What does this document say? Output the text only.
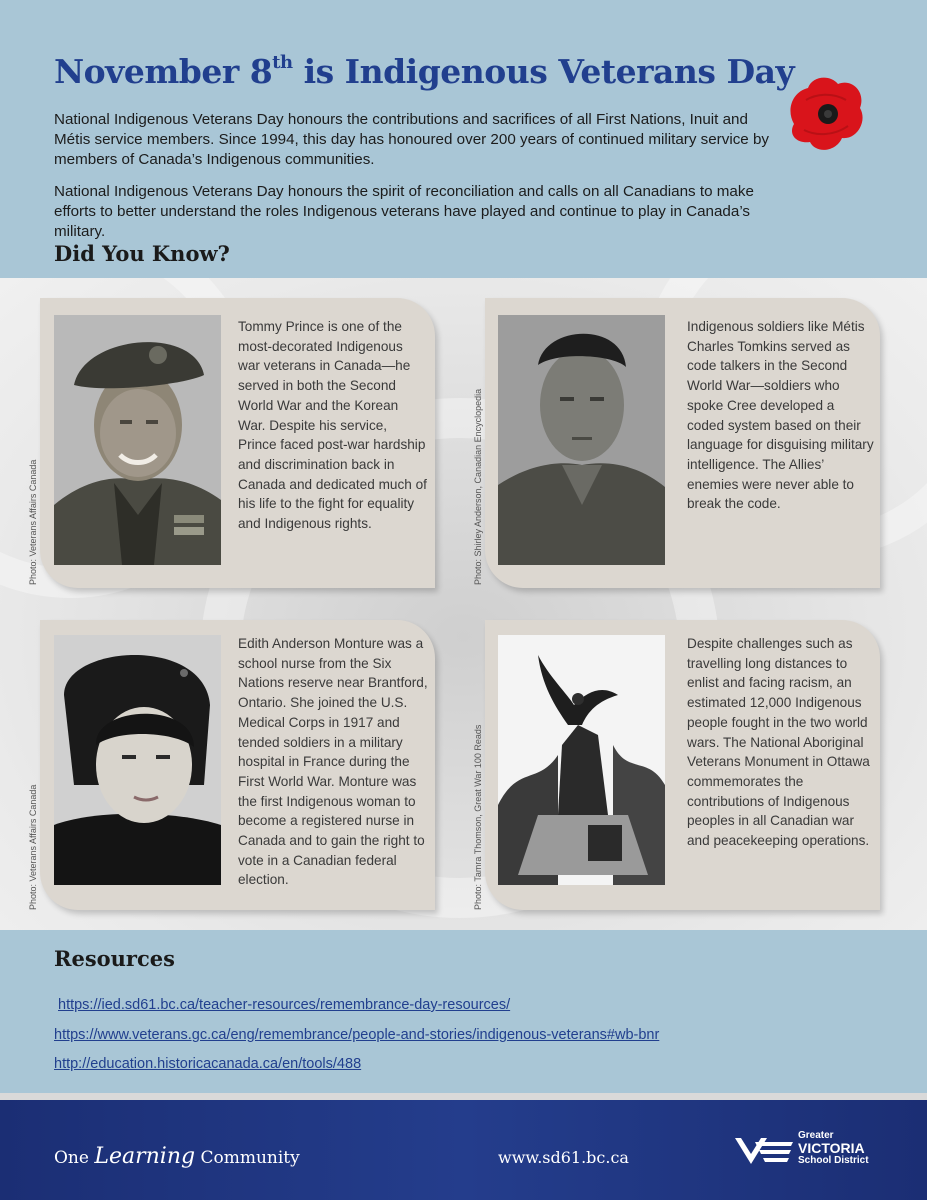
November 8th is Indigenous Veterans Day

National Indigenous Veterans Day honours the contributions and sacrifices of all First Nations, Inuit and Métis service members. Since 1994, this day has honoured over 200 years of continued military service by members of Canada’s Indigenous communities.

National Indigenous Veterans Day honours the spirit of reconciliation and calls on all Canadians to make efforts to better understand the roles Indigenous veterans have played and continue to play in Canada’s military.

Did You Know?

Tommy Prince is one of the most-decorated Indigenous war veterans in Canada—he served in both the Second World War and the Korean War. Despite his service, Prince faced post-war hardship and discrimination back in Canada and dedicated much of his life to the fight for equality and Indigenous rights.

Photo: Veterans Affairs Canada

Indigenous soldiers like Métis Charles Tomkins served as code talkers in the Second World War—soldiers who spoke Cree developed a coded system based on their language for disguising military intelligence. The Allies’ enemies were never able to break the code.

Photo: Shirley Anderson, Canadian Encyclopedia

Edith Anderson Monture was a school nurse from the Six Nations reserve near Brantford, Ontario. She joined the U.S. Medical Corps in 1917 and tended soldiers in a military hospital in France during the First World War. Monture was the first Indigenous woman to become a registered nurse in Canada and to gain the right to vote in a Canadian federal election.

Photo: Veterans Affairs Canada

Despite challenges such as travelling long distances to enlist and facing racism, an estimated 12,000 Indigenous people fought in the two world wars. The National Aboriginal Veterans Monument in Ottawa commemorates the contributions of Indigenous peoples in all Canadian war and peacekeeping operations.

Photo: Tamra Thomson, Great War 100 Reads
Resources
https://ied.sd61.bc.ca/teacher-resources/remembrance-day-resources/
https://www.veterans.gc.ca/eng/remembrance/people-and-stories/indigenous-veterans#wb-bnr
http://education.historicacanada.ca/en/tools/488
One Learning Community	www.sd61.bc.ca
Greater
VICTORIA
School District
